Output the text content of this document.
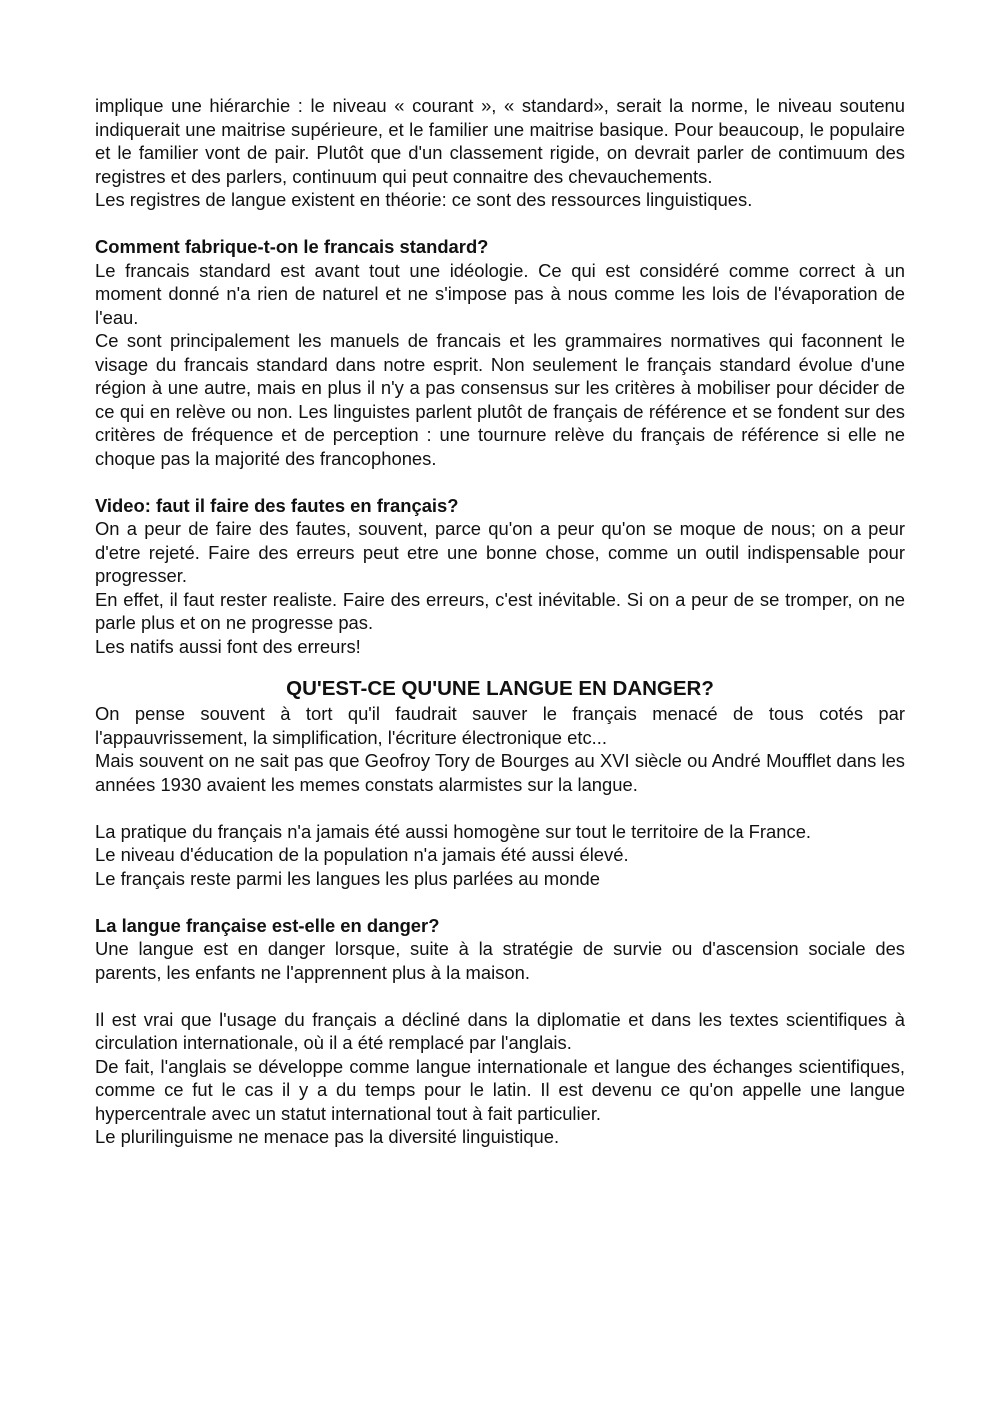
implique une hiérarchie : le niveau « courant », « standard», serait la norme, le niveau soutenu indiquerait une maitrise supérieure, et le familier une maitrise basique. Pour beaucoup, le populaire et le familier vont de pair. Plutôt que d'un classement rigide, on devrait parler de contimuum des registres et des parlers, continuum qui peut connaitre des chevauchements.

Les registres de langue existent en théorie: ce sont des ressources linguistiques.

Comment fabrique-t-on le francais standard?

Le francais standard est avant tout une idéologie. Ce qui est considéré comme correct à un moment donné n'a rien de naturel et ne s'impose pas à nous comme les lois de l'évaporation de l'eau.

Ce sont principalement les manuels de francais et les grammaires normatives qui faconnent le visage du francais standard dans notre esprit. Non seulement le français standard évolue d'une région à une autre, mais en plus il n'y a pas consensus sur les critères à mobiliser pour décider de ce qui en relève ou non. Les linguistes parlent plutôt de français de référence et se fondent sur des critères de fréquence et de perception : une tournure relève du français de référence si elle ne choque pas la majorité des francophones.

Video: faut il faire des fautes en français?

On a peur de faire des fautes, souvent, parce qu'on a peur qu'on se moque de nous; on a peur d'etre rejeté. Faire des erreurs peut etre une bonne chose, comme un outil indispensable pour progresser.

En effet, il faut rester realiste. Faire des erreurs, c'est inévitable. Si on a peur de se tromper, on ne parle plus et on ne progresse pas.

Les natifs aussi font des erreurs!

QU'EST-CE QU'UNE LANGUE EN DANGER?

On pense souvent à tort qu'il faudrait sauver le français menacé de tous cotés par l'appauvrissement, la simplification, l'écriture électronique etc...

Mais souvent on ne sait pas que Geofroy Tory de Bourges au XVI siècle ou André Moufflet dans les années 1930 avaient les memes constats alarmistes sur la langue.

La pratique du français n'a jamais été aussi homogène sur tout le territoire de la France.

Le niveau d'éducation de la population n'a jamais été aussi élevé.

Le français reste parmi les langues les plus parlées au monde

La langue française est-elle en danger?

Une langue est en danger lorsque, suite à la stratégie de survie ou d'ascension sociale des parents, les enfants ne l'apprennent plus à la maison.

Il est vrai que l'usage du français a décliné dans la diplomatie et dans les textes scientifiques à circulation internationale, où il a été remplacé par l'anglais.

De fait, l'anglais se développe comme langue internationale et langue des échanges scientifiques, comme ce fut le cas il y a du temps pour le latin. Il est devenu ce qu'on appelle une langue hypercentrale avec un statut international tout à fait particulier.

Le plurilinguisme ne menace pas la diversité linguistique.
